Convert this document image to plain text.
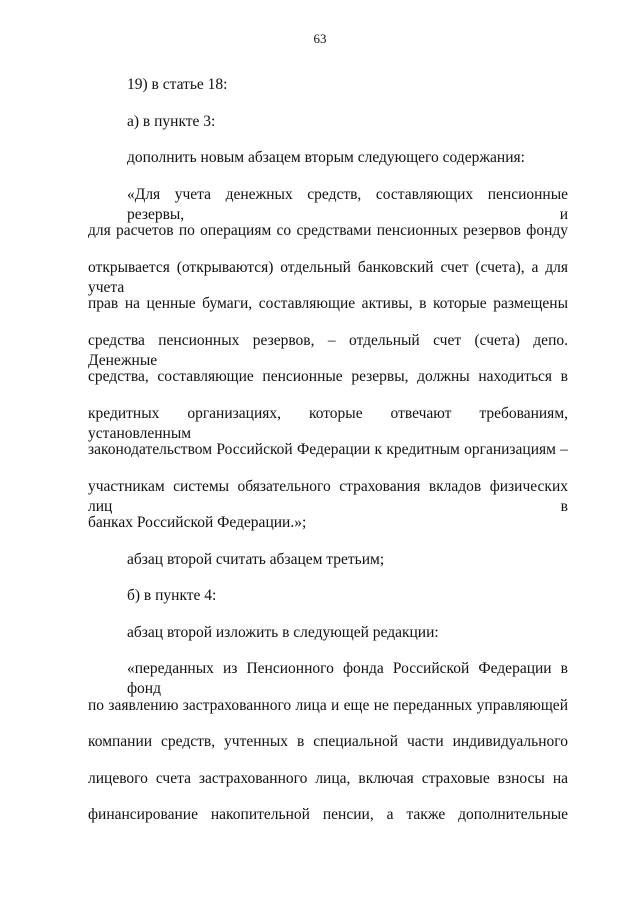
63
19) в статье 18:
а) в пункте 3:
дополнить новым абзацем вторым следующего содержания:
«Для учета денежных средств, составляющих пенсионные резервы, и
для расчетов по операциям со средствами пенсионных резервов фонду
открывается (открываются) отдельный банковский счет (счета), а для учета
прав на ценные бумаги, составляющие активы, в которые размещены
средства пенсионных резервов, – отдельный счет (счета) депо. Денежные
средства, составляющие пенсионные резервы, должны находиться в
кредитных организациях, которые отвечают требованиям, установленным
законодательством Российской Федерации к кредитным организациям –
участникам системы обязательного страхования вкладов физических лиц в
банках Российской Федерации.»;
абзац второй считать абзацем третьим;
б) в пункте 4:
абзац второй изложить в следующей редакции:
«переданных из Пенсионного фонда Российской Федерации в фонд
по заявлению застрахованного лица и еще не переданных управляющей
компании средств, учтенных в специальной части индивидуального
лицевого счета застрахованного лица, включая страховые взносы на
финансирование накопительной пенсии, а также дополнительные
